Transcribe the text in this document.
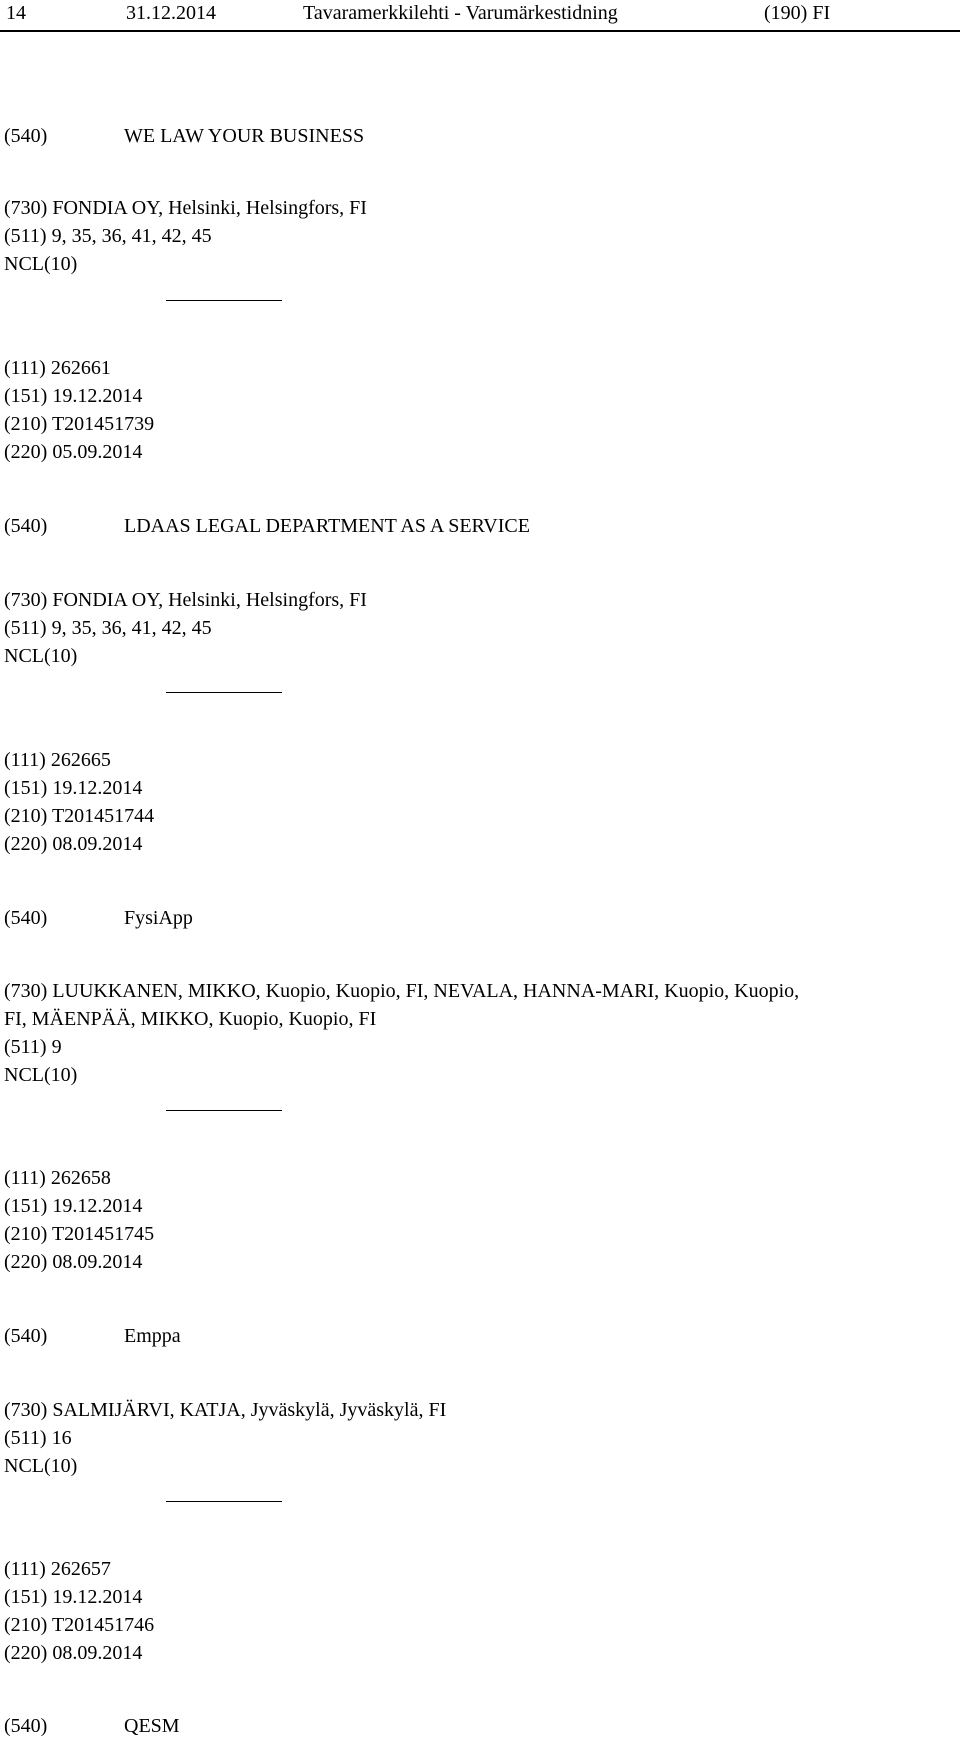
14	31.12.2014	Tavaramerkkilehti - Varumärkestidning	(190) FI
(540)	WE LAW YOUR BUSINESS
(730) FONDIA OY, Helsinki, Helsingfors, FI
(511) 9, 35, 36, 41, 42, 45
NCL(10)
(111) 262661
(151) 19.12.2014
(210) T201451739
(220) 05.09.2014
(540)	LDAAS LEGAL DEPARTMENT AS A SERVICE
(730) FONDIA OY, Helsinki, Helsingfors, FI
(511) 9, 35, 36, 41, 42, 45
NCL(10)
(111) 262665
(151) 19.12.2014
(210) T201451744
(220) 08.09.2014
(540)	FysiApp
(730) LUUKKANEN, MIKKO, Kuopio, Kuopio, FI, NEVALA, HANNA-MARI, Kuopio, Kuopio,
FI, MÄENPÄÄ, MIKKO, Kuopio, Kuopio, FI
(511) 9
NCL(10)
(111) 262658
(151) 19.12.2014
(210) T201451745
(220) 08.09.2014
(540)	Emppa
(730) SALMIJÄRVI, KATJA, Jyväskylä, Jyväskylä, FI
(511) 16
NCL(10)
(111) 262657
(151) 19.12.2014
(210) T201451746
(220) 08.09.2014
(540)	QESM
